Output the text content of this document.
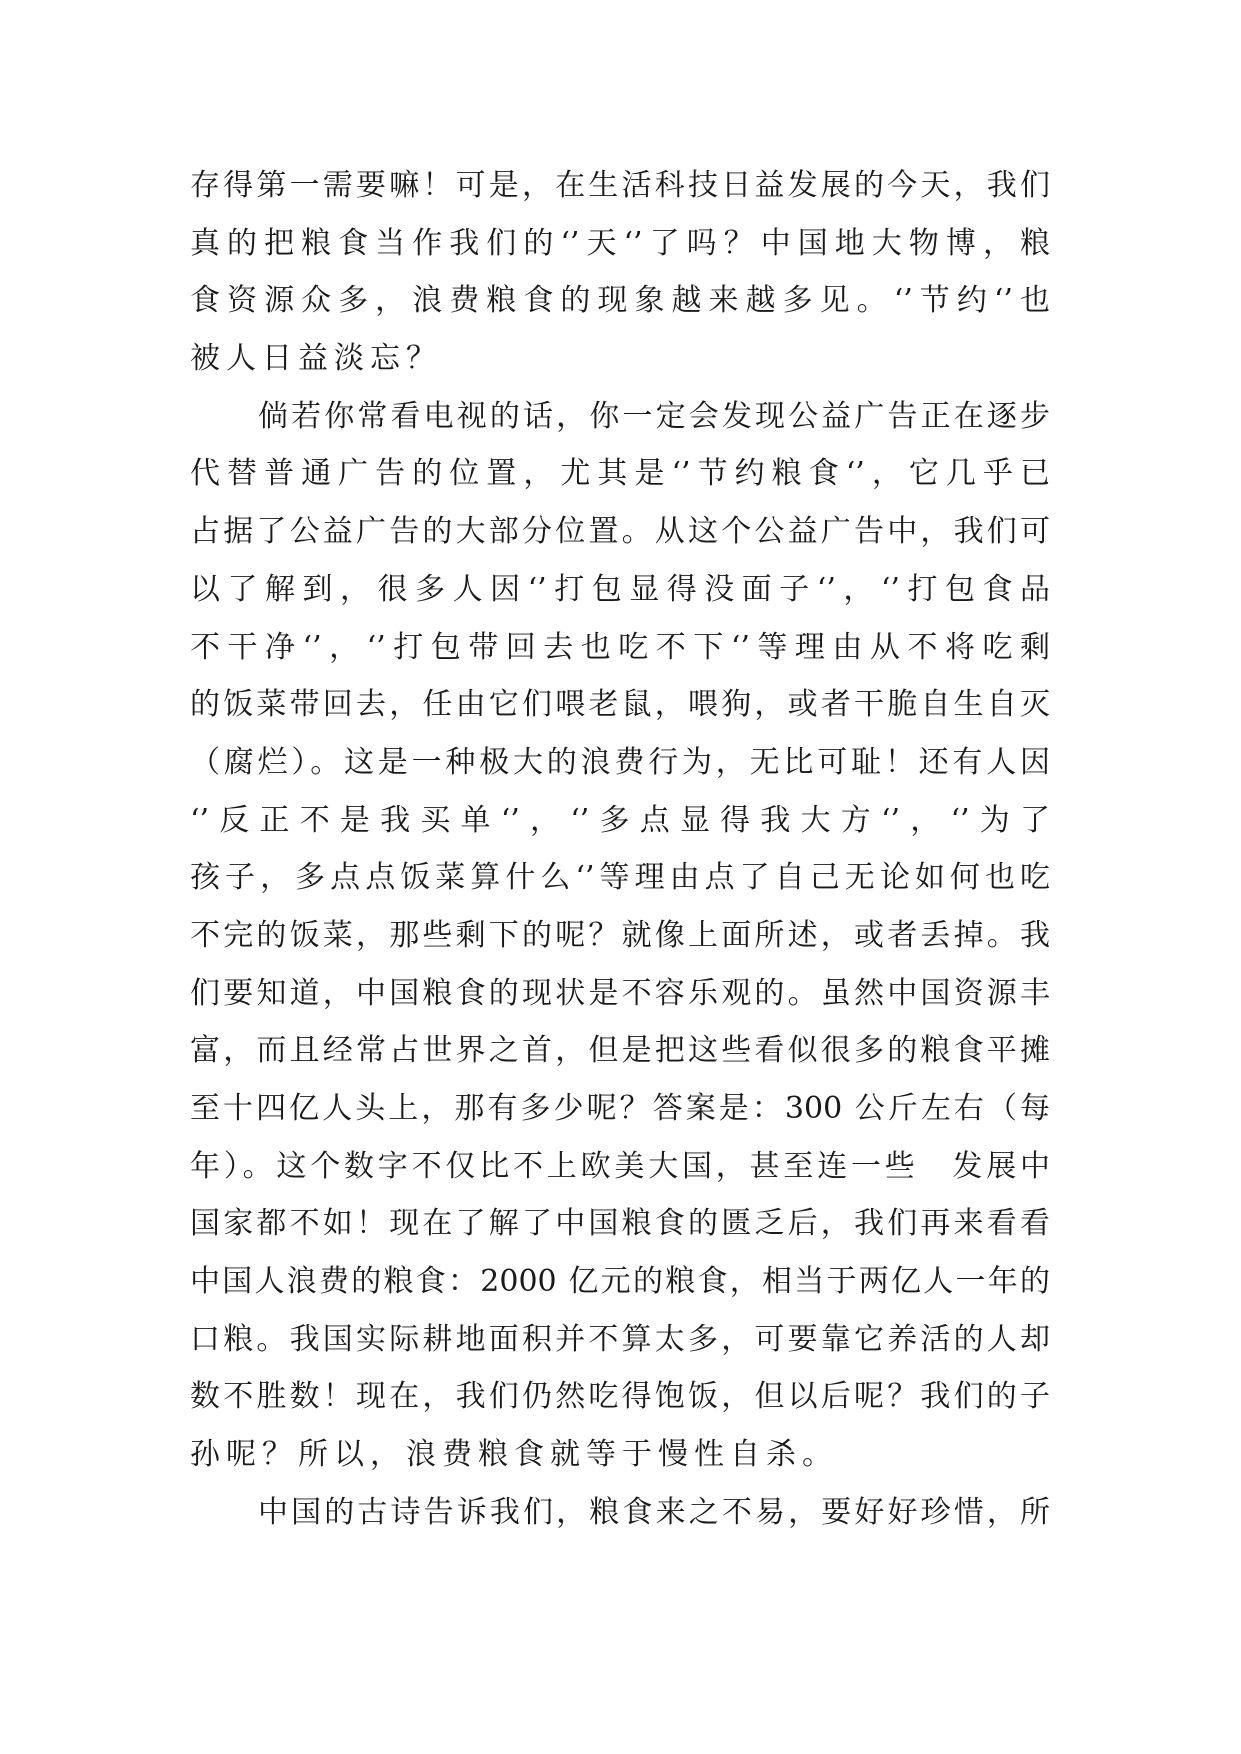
存得第一需要嘛！可是，在生活科技日益发展的今天，我们
真的把粮食当作我们的‘’天‘’了吗？中国地大物博，粮
食资源众多，浪费粮食的现象越来越多见。‘’节约‘’也
被人日益淡忘？
倘若你常看电视的话，你一定会发现公益广告正在逐步
代替普通广告的位置，尤其是‘’节约粮食‘’，它几乎已
占据了公益广告的大部分位置。从这个公益广告中，我们可
以了解到，很多人因‘’打包显得没面子‘’，‘’打包食品
不干净‘’，‘’打包带回去也吃不下‘’等理由从不将吃剩
的饭菜带回去，任由它们喂老鼠，喂狗，或者干脆自生自灭
（腐烂）。这是一种极大的浪费行为，无比可耻！还有人因
‘’反正不是我买单‘’，‘’多点显得我大方‘’，‘’为了
孩子，多点点饭菜算什么‘’等理由点了自己无论如何也吃
不完的饭菜，那些剩下的呢？就像上面所述，或者丢掉。我
们要知道，中国粮食的现状是不容乐观的。虽然中国资源丰
富，而且经常占世界之首，但是把这些看似很多的粮食平摊
至十四亿人头上，那有多少呢？答案是：300 公斤左右（每
年）。这个数字不仅比不上欧美大国，甚至连一些　发展中
国家都不如！现在了解了中国粮食的匮乏后，我们再来看看
中国人浪费的粮食：2000 亿元的粮食，相当于两亿人一年的
口粮。我国实际耕地面积并不算太多，可要靠它养活的人却
数不胜数！现在，我们仍然吃得饱饭，但以后呢？我们的子
孙呢？所以，浪费粮食就等于慢性自杀。
中国的古诗告诉我们，粮食来之不易，要好好珍惜，所
